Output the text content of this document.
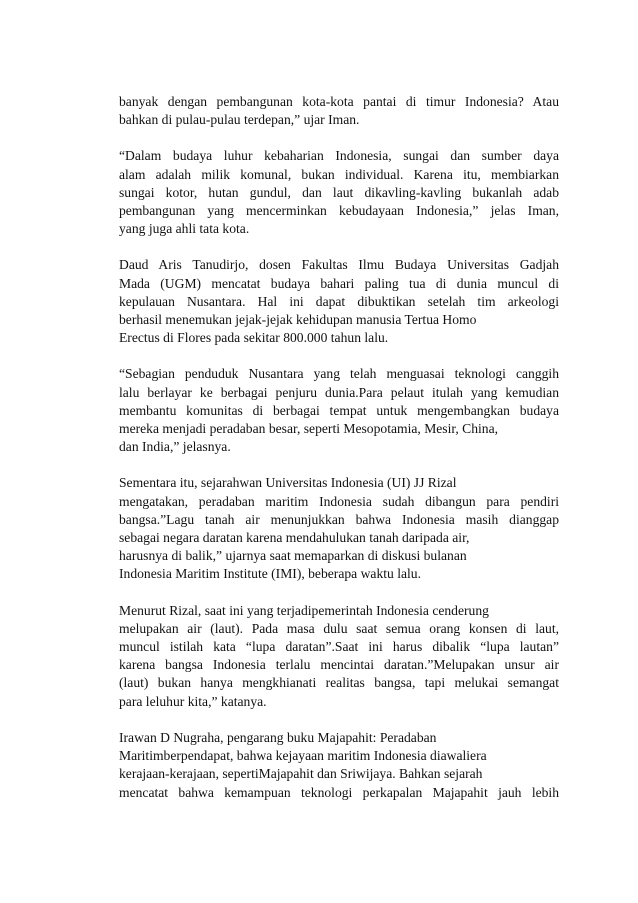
banyak dengan pembangunan kota-kota pantai di timur Indonesia? Atau
bahkan di pulau-pulau terdepan,” ujar Iman.

“Dalam budaya luhur kebaharian Indonesia, sungai dan sumber daya
alam adalah milik komunal, bukan individual. Karena itu, membiarkan
sungai kotor, hutan gundul, dan laut dikavling-kavling bukanlah adab
pembangunan yang mencerminkan kebudayaan Indonesia,” jelas Iman,
yang juga ahli tata kota.

Daud Aris Tanudirjo, dosen Fakultas Ilmu Budaya Universitas Gadjah
Mada (UGM) mencatat budaya bahari paling tua di dunia muncul di
kepulauan Nusantara. Hal ini dapat dibuktikan setelah tim arkeologi
berhasil menemukan jejak-jejak kehidupan manusia Tertua Homo
Erectus di Flores pada sekitar 800.000 tahun lalu.

“Sebagian penduduk Nusantara yang telah menguasai teknologi canggih
lalu berlayar ke berbagai penjuru dunia.Para pelaut itulah yang kemudian
membantu komunitas di berbagai tempat untuk mengembangkan budaya
mereka menjadi peradaban besar, seperti Mesopotamia, Mesir, China,
dan India,” jelasnya.

Sementara itu, sejarahwan Universitas Indonesia (UI) JJ Rizal
mengatakan, peradaban maritim Indonesia sudah dibangun para pendiri
bangsa.”Lagu tanah air menunjukkan bahwa Indonesia masih dianggap
sebagai negara daratan karena mendahulukan tanah daripada air,
harusnya di balik,” ujarnya saat memaparkan di diskusi bulanan
Indonesia Maritim Institute (IMI), beberapa waktu lalu.

Menurut Rizal, saat ini yang terjadipemerintah Indonesia cenderung
melupakan air (laut). Pada masa dulu saat semua orang konsen di laut,
muncul istilah kata “lupa daratan”.Saat ini harus dibalik “lupa lautan”
karena bangsa Indonesia terlalu mencintai daratan.”Melupakan unsur air
(laut) bukan hanya mengkhianati realitas bangsa, tapi melukai semangat
para leluhur kita,” katanya.

Irawan D Nugraha, pengarang buku Majapahit: Peradaban
Maritimberpendapat, bahwa kejayaan maritim Indonesia diawaliera
kerajaan-kerajaan, sepertiMajapahit dan Sriwijaya. Bahkan sejarah
mencatat bahwa kemampuan teknologi perkapalan Majapahit jauh lebih
